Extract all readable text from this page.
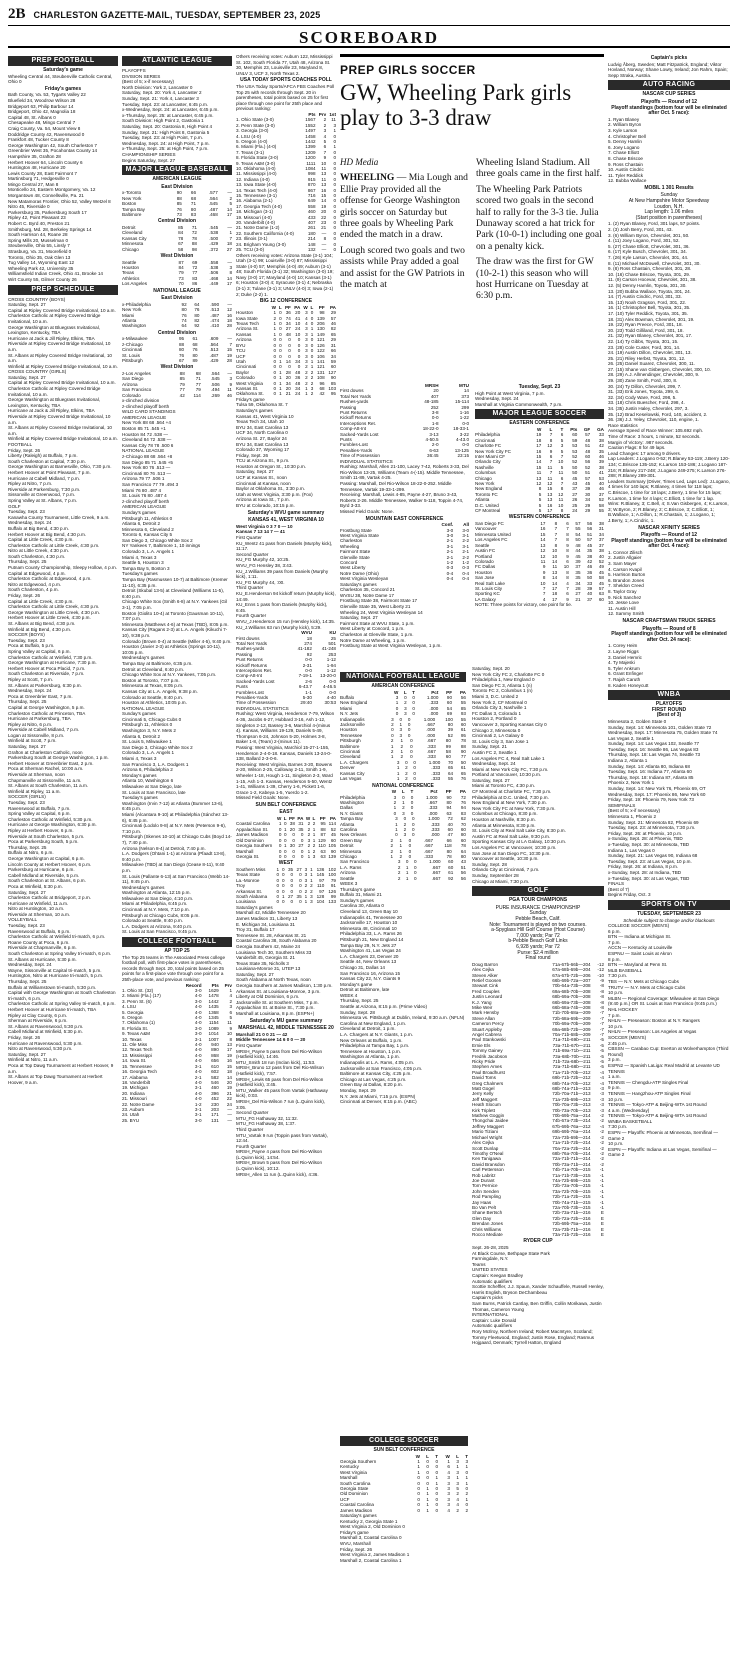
2B CHARLESTON GAZETTE-MAIL, TUESDAY, SEPTEMBER 23, 2025
SCOREBOARD
PREP FOOTBALL
Saturday's game
Wheeling Central 44, Steubenville Catholic Central, Ohio 0
Friday's games
Bath County, Va. 53, Tygarts Valley 22
Bluefield 34, Woodrow Wilson 28
Bridgeport 63, Philip Barbour 14
Bridgeport, Ohio 42, Magnolia 18
Capital 48, St. Albans 0
Chesapeake 48, Mingo Central 7
Craig County, Va. 54, Mount View 8
Doddridge County 42, Ravenswood 0
Frankfort 48, Tucker County 8
George Washington 42, South Charleston 7
Greenbrier West 35, Pocahontas County 14
Hampshire 35, Grafton 28
Herbert Hoover 64, Lincoln County 6
Huntington 48, Hurricane 20
Lewis County 28, East Fairmont 7
Martinsburg 71, Hedgesville 0
Mingo Central 27, Man 8
Monticello 24, Eastern Montgomery, Va. 12
Morgantown 48, Connellsville, Pa. 21
New Matamoras Frontier, Ohio 52, Valley Wetzel 8
Nitro 45, Riverside 0
Parkersburg 35, Parkersburg South 17
Ripley 42, Point Pleasant 23
Robert C. Byrd 40, Preston 21
Smithsburg, Md. 28, Berkeley Springs 14
South Harrison 44, Roane 28
Spring Mills 20, Musselman 0
Steubenville, Ohio 55, Linsly 7
Strasburg, Va. 31, Moorefield 0
Toronto, Ohio 35, Oak Glen 13
Tug Valley 14, Wyoming East 12
Wheeling Park 42, University 35
Williamsfield Indian Creek, Ohio 41, Brooke 14
Wirt County 55, Gilmer County 26
PREP SCHEDULE
CROSS COUNTRY (BOYS)
Saturday, Sept. 27
Capital at Ripley Covered Bridge Invitational, 10 a.m.
Charleston Catholic at Ripley Covered Bridge Invitational, 10 a.m.
George Washington at Bluegrass Invitational, Lexington, Kentucky, TBA
Hurricane at Jack & Jill Ripley, Elkins, TBA
Riverside at Ripley Covered Bridge Invitational, 10 a.m.
St. Albans at Ripley Covered Bridge Invitational, 10 a.m.
Winfield at Ripley Covered Bridge Invitational, 10 a.m.
CROSS COUNTRY (GIRLS)
Saturday, Sept. 27
Capital at Ripley Covered Bridge Invitational, 10 a.m.
Charleston Catholic at Ripley Covered Bridge Invitational, 10 a.m.
George Washington at Bluegrass Invitational, Lexington, Kentucky, TBA
Hurricane at Jack & Jill Ripley, Elkins, TBA
Riverside at Ripley Covered Bridge Invitational, 10 a.m.
St. Albans at Ripley Covered Bridge Invitational, 10 a.m.
Winfield at Ripley Covered Bridge Invitational, 10 a.m.
FOOTBALL
Friday, Sept. 26
Liberty (Raleigh) at Buffalo, 7 p.m.
South Charleston at Capital, 7:30 p.m.
George Washington at Barnesville, Ohio, 7:30 p.m.
Herbert Hoover at Point Pleasant, 7 p.m.
Hurricane at Cabell Midland, 7 p.m.
Ripley at Nitro, 7 p.m.
Riverside at Parkersburg, 7:30 p.m.
Sissonville at Greenwood, 7 p.m.
Spring Valley at St. Albans, 7 p.m.
GOLF
Tuesday, Sept. 23
Kanawha County Tournament, Little Creek, 9 a.m.
Wednesday, Sept. 24
Buffalo at Big Bend, 4:30 p.m.
Herbert Hoover at Big Bend, 4:30 p.m.
Capital at Little Creek, 4:30 p.m.
Charleston Catholic at Little Creek, 4:30 p.m.
Nitro at Little Creek, 4:30 p.m.
South Charleston, 4:30 p.m.
Thursday, Sept. 25
Putnam County Championship, Sleepy Hollow, 4 p.m.
Capital at Edgewood, 4 p.m.
Charleston Catholic at Edgewood, 4 p.m.
Nitro at Edgewood, 4 p.m.
South Charleston, 4 p.m.
Friday, Sept. 26
Capital at Little Creek, 4:30 p.m.
Charleston Catholic at Little Creek, 4:30 p.m.
George Washington at Little Creek, 4:30 p.m.
Herbert Hoover at Little Creek, 4:30 p.m.
St. Albans at Big Bend, 4:30 p.m.
Winfield at Big Bend, 4:30 p.m.
SOCCER (BOYS)
Tuesday, Sept. 23
Poca at Buffalo, 5 p.m.
Spring Valley at Capital, 6 p.m.
Charleston Catholic at Winfield, 7:30 p.m.
George Washington at Hurricane, 7:30 p.m.
Herbert Hoover at Poca Placid, 7 p.m.
South Charleston at Riverside, 7 p.m.
Ripley at Scott, 7 p.m.
St. Albans at Parkersburg, 6:30 p.m.
Wednesday, Sept. 24
Poca at Greenbrier East, 7 p.m.
Thursday, Sept. 25
Capital at George Washington, 5 p.m.
Charleston Catholic at Princeton, TBA
Hurricane at Parkersburg, TBA
Ripley at Nitro, 6 p.m.
Riverside at Cabell Midland, 7 p.m.
Logan at Sissonville, 8 p.m.
Winfield at Scott, 7 p.m.
Saturday, Sept. 27
Grafton at Charleston Catholic, noon
Parkersburg South at George Washington, 1 p.m.
Herbert Hoover at Greenbrier East, 2 p.m.
Poca at Sherman Rachel, 10:00 a.m.
Riverside at Sherman, noon
Chapmanville at Sissonville, 11 a.m.
St. Albans at South Charleston, 11 a.m.
Winfield at Ripley, 11 a.m.
SOCCER (GIRLS)
Tuesday, Sept. 23
Ravenswood at Buffalo, 7 p.m.
Spring Valley at Capital, 6 p.m.
Charleston Catholic at Winfield, 5:30 p.m.
Hurricane at George Washington, 6:30 p.m.
Ripley at Herbert Hoover, 6 p.m.
Riverside at South Charleston, 5 p.m.
Poca at Parkersburg South, 5 p.m.
Thursday, Sept. 25
Buffalo at Nitro, 6 p.m.
George Washington at Capital, 6 p.m.
Lincoln County at Herbert Hoover, 6 p.m.
Parkersburg at Hurricane, 6 p.m.
Cabell Midland at Riverside, 5 p.m.
South Charleston at St. Albans, 6 p.m.
Poca at Winfield, 5:30 p.m.
Saturday, Sept. 27
Charleston Catholic at Bridgeport, 2 p.m.
Hurricane at Winfield, 11 a.m.
Nitro at Huntington, 10 a.m.
Riverside at Sherman, 10 a.m.
VOLLEYBALL
Tuesday, Sept. 23
Ravenswood at Buffalo, 6 p.m.
Charleston Catholic at Winfield tri-match, 6 p.m.
Roane County at Poca, 6 p.m.
Riverside at Chapmanville, 6 p.m.
South Charleston at Spring Valley tri-match, 6 p.m.
St. Albans at Hurricane, 5:30 p.m.
Wednesday, Sept. 24
Wayne, Sissonville at Capital tri-match, 5 p.m.
Huntington, Nitro at Hurricane tri-match, 5 p.m.
Thursday, Sept. 25
Buffalo at Williamstown tri-match, 5:30 p.m.
Capital with George Washington at South Charleston tri-match, 6 p.m.
Charleston Catholic at Spring Valley tri-match, 6 p.m.
Herbert Hoover at Hurricane tri-match, TBA
Ripley at Clay County, 6 p.m.
Sherman at Riverside, 6 p.m.
St. Albans at Ravenswood, 5:30 p.m.
Cabell Midland at Winfield, 5:30 p.m.
Friday, Sept. 26
Hurricane at Ravenswood, 5:30 p.m.
Nitro at Ravenswood, 5:30 p.m.
Saturday, Sept. 27
Winfield at Nitro, 11 a.m.
Poca at Top Dawg Tournament at Herbert Hoover, 9 a.m.
St. Albans at Top Dawg Tournament at Herbert Hoover, 9 a.m.
ATLANTIC LEAGUE
PLAYOFFS
DIVISION SERIES
(Best of 5; x-if necessary)
North Division: York 2, Lancaster 0
Saturday, Sept. 20: York 4, Lancaster 2
Sunday, Sept. 21: York 4, Lancaster 3
Tuesday, Sept. 23: at Lancaster, 6:45 p.m.
x-Wednesday, Sept. 24: at Lancaster, 6:45 p.m.
x-Thursday, Sept. 25: at Lancaster, 6:45 p.m.
South Division: High Point 2, Gastonia 1
Saturday, Sept. 20: Gastonia 8, High Point 4
Sunday, Sept. 21: High Point 8, Gastonia 5
Tuesday, Sept. 23: at High Point, 7 p.m.
Wednesday, Sept. 24: at High Point, 7 p.m.
x-Thursday, Sept. 25: at High Point, 7 p.m.
CHAMPIONSHIP SERIES
Begins Saturday, Sept. 27
MAJOR LEAGUE BASEBALL
AMERICAN LEAGUE
East Division
x-Toronto	90	66	.577	—
New York	88	68	.564	2
Boston	85	71	.545	5
Tampa Bay	76	80	.487	14
Baltimore	73	83	.468	17
Central Division
Detroit	85	71	.545	—
Cleveland	84	72	.538	1
Kansas City	78	78	.500	7
Minnesota	67	88	.429	18
Chicago	58	98	.372	27
West Division
Seattle	87	69	.558	—
Houston	84	72	.538	3
Texas	79	77	.506	8
Athletics	73	83	.468	14
Los Angeles	70	86	.449	17
NATIONAL LEAGUE
East Division
x-Philadelphia	92	64	.590	—
New York	80	76	.513	12
Miami	76	80	.487	16
Atlanta	74	82	.474	18
Washington	64	92	.410	28
Central Division
x-Milwaukee	95	61	.609	—
z-Chicago	88	68	.564	7
Cincinnati	80	76	.513	15
St. Louis	76	80	.487	19
Pittsburgh	67	89	.429	28
West Division
z-Los Angeles	88	68	.564	—
San Diego	85	71	.545	3
Arizona	79	77	.506	9
San Francisco	77	79	.494	11
Colorado	42	114	.269	46
x-clinched division
z-clinched playoff berth
WILD CARD STANDINGS
AMERICAN LEAGUE
New York 88 68 .564 +4
Boston 85 71 .545 +1
Houston 84 72 .538 —
Cleveland 84 72 .538 —
Kansas City 78 78 .500 6
NATIONAL LEAGUE
z-Chicago 88 68 .564 +8
San Diego 85 71 .545 +5
New York 80 76 .513 —
Cincinnati 80 76 .513 —
Arizona 79 77 .506 1
San Francisco 77 79 .494 3
Miami 76 80 .487 4
St. Louis 76 80 .487 4
z-clinched playoff berth
AMERICAN LEAGUE
Sunday's games
Pittsburgh 11, Athletics 0
Atlanta 6, Detroit 2
Minnesota 6, Cleveland 2
Toronto 6, Kansas City 5
San Diego 3, Chicago White Sox 2
NY Yankees 7, Baltimore 1, 10 innings
Colorado 3, L.A. Angels 1
Miami 4, Texas 3
Seattle 5, Houston 3
Tampa Bay 5, Boston 3
Tuesday's games
Tampa Bay (Rasmussen 10-7) at Baltimore (Kremer 11-10), 6:35 p.m.
Detroit (Skubal 13-5) at Cleveland (Williams 11-5), 6:40 p.m.
Chicago White Sox (Smith 6-8) at N.Y. Yankees (Gil 3-1), 7:05 p.m.
Boston (Giolito 10-4) at Toronto (Gausman 10-11), 7:07 p.m.
Minnesota (Matthews 4-6) at Texas (TBD), 8:05 p.m.
Kansas City (Ragans 2-3) at L.A. Angels (Kikuchi 7-10), 9:38 p.m.
Colorado (Brown 0-4) at Seattle (Miller 4-5), 9:40 p.m.
Houston (Javier 2-3) at Athletics (Springs 10-11), 10:05 p.m.
Wednesday's games
Tampa Bay at Baltimore, 6:35 p.m.
Detroit at Cleveland, 6:40 p.m.
Chicago White Sox at N.Y. Yankees, 7:05 p.m.
Boston at Toronto, 7:07 p.m.
Minnesota at Texas, 8:05 p.m.
Kansas City at L.A. Angels, 9:38 p.m.
Colorado at Seattle, 9:40 p.m.
Houston at Athletics, 10:05 p.m.
NATIONAL LEAGUE
Sunday's games
Cincinnati 5, Chicago Cubs 0
Pittsburgh 11, Athletics 0
Washington 3, N.Y. Mets 2
Atlanta 6, Detroit 2
St. Louis 5, Milwaukee 1
San Diego 3, Chicago White Sox 2
Colorado 3, L.A. Angels 1
Miami 4, Texas 3
San Francisco 3, L.A. Dodgers 1
Arizona 6, Philadelphia 2
Monday's games
Atlanta 10, Washington 6
Milwaukee at San Diego, late
St. Louis at San Francisco, late
Tuesday's games
Washington (Irvin 7-12) at Atlanta (Bummer 13-6), 6:45 p.m.
Miami (Alcantara 9-10) at Philadelphia (Sánchez 13-6), 6:45 p.m.
Cincinnati (Lodolo 9-8) at N.Y. Mets (Peterson 9-6), 7:10 p.m.
Pittsburgh (Skenes 10-10) at Chicago Cubs (Boyd 14-7), 7:40 p.m.
Arizona (Nelson 8-4) at Detroit, 7:40 p.m.
L.A. Dodgers (Ohtani 1-1) at Arizona (Pfaadt 13-8), 9:40 p.m.
Milwaukee (TBD) at San Diego (Cease 8-11), 9:40 p.m.
St. Louis (Pallante 6-13) at San Francisco (Webb 14-11), 9:45 p.m.
Wednesday's games
Washington at Atlanta, 12:15 p.m.
Milwaukee at San Diego, 4:10 p.m.
Miami at Philadelphia, 6:45 p.m.
Cincinnati at N.Y. Mets, 7:10 p.m.
Pittsburgh at Chicago Cubs, 8:05 p.m.
Colorado at Seattle, 9:40 p.m.
L.A. Dodgers at Arizona, 9:40 p.m.
St. Louis at San Francisco, 9:45 p.m.
COLLEGE FOOTBALL
AP TOP 25
The Top 25 teams in The Associated Press college football poll, with first-place votes in parentheses, records through Sept. 20, total points based on 25 points for a first-place vote through one point for a 25th-place vote, and previous ranking:
	Record	Pts	Prv
1. Ohio St. (32)	3-0	1629	1
2. Miami (Fla.) (17)	4-0	1478	4
3. Penn St. (6)	3-0	1442	2
4. LSU	4-0	1435	3
5. Georgia	4-0	1368	6
6. Oregon	4-0	1345	5
7. Oklahoma (1)	4-0	1154	11
8. Florida St.	3-0	1089	9
9. Texas A&M	3-0	1014	10
10. Texas	3-1	1007	8
11. Ole Miss	4-0	940	13
12. Texas Tech	4-0	890	17
13. Mississippi	4-0	868	19
14. Iowa St.	4-0	656	16
15. Tennessee	3-1	610	15
16. Georgia Tech	4-0	602	18
17. Alabama	2-1	582	14
18. Vanderbilt	4-0	546	20
19. Michigan	3-1	460	19
20. Indiana	4-0	396	21
21. Missouri	4-0	452	22
22. Notre Dame	1-2	230	24
23. Auburn	3-1	203	—
24. Utah	3-1	171	—
25. BYU	3-0	131	—
Others receiving votes: Auburn 122, Mississippi St. 102, South Florida 77, Utah 48, Arizona St. 30, Memphis 23, Louisville 23, Maryland 8, UNLV 3, UCF 3, North Texas 2.
USA TODAY SPORTS COACHES POLL
The USA Today Sports/AFCA FBS Coaches Poll Top 25 with records through Sept. 20 in parentheses, total points based on 25 for first place through one point for 25th place and previous ranking:
	Pts	Prv	1st
1. Ohio State (3-0)	1567	2	11
2. Penn State (3-0)	1552	2	3
3. Georgia (3-0)	1497	3	1
4. LSU (4-0)	1458	4	0
5. Oregon (4-0)	1442	5	0
6. Miami (Fla.) (4-0)	1399	6	1
7. Texas (3-1)	1209	7	0
8. Florida State (3-0)	1200	9	0
9. Texas A&M (3-0)	1111	10	0
10. Oklahoma (4-0)	1084	11	0
11. Mississippi (4-0)	998	13	0
12. Indiana (4-0)	915	11	0
13. Iowa State (4-0)	870	13	0
14. Texas Tech (4-0)	867	16	0
15. Tennessee (3-1)	716	15	0
16. Alabama (2-1)	649	14	0
17. Georgia Tech (4-0)	558	19	0
18. Michigan (3-1)	460	20	0
19. Missouri (4-0)	433	22	0
20. Vanderbilt (4-0)	407	23	0
21. Notre Dame (1-2)	261	21	0
22. Southern California (4-0)	180	—	0
23. Illinois (3-1)	214	8	0
24. Brigham Young (3-0)	148	—	0
25. TCU (3-0)	132	—	0
Others receiving votes: Arizona State (3-1) 104; Utah (3-1) 99; Louisville (3-0) 87; Mississippi State (4-0) 57; Memphis (4-0) 49; Auburn (3-1) 48; South Florida (3-1) 32; Washington (3-0) 19; Navy (3-0) 17; Maryland (4-0) 10; Kansas (3-1) 6; Houston (3-0) 4; Syracuse (3-1) 4; Nebraska (3-1) 3; Tulane (3-1) 3; UNLV (4-0) 3; Iowa (2-1) 2; Duke (2-2) 1.
BIG 12 CONFERENCE
	W	L	PF	PA	W	L	PF	PA
Houston	1	0	36	20	3	0	98	29
Iowa State	2	0	74	41	4	0	139	57
Texas Tech	1	0	34	10	4	0	206	46
Arizona St.	1	0	27	24	3	1	130	82
Kansas	1	0	48	10	3	1	149	65
Arizona	0	0	0	0	3	0	121	29
BYU	0	0	0	0	3	0	126	31
TCU	0	0	0	0	3	0	122	66
UCF	0	0	0	0	3	0	106	34
Utah	0	1	14	34	3	1	141	59
Cincinnati	0	0	0	0	2	1	121	60
Baylor	0	1	28	48	2	2	131	127
Colorado	0	1	20	36	2	2	108	90
West Virginia	0	1	34	48	2	2	96	85
Kansas St.	0	1	20	34	1	3	68	103
Oklahoma St.	0	1	21	24	1	2	42	95
Friday's game
Tulsa 59, Oklahoma St. 7
Saturday's games
Kansas 41, West Virginia 10
Texas Tech 34, Utah 10
BYU 34, East Carolina 13
UCF 34, North Carolina 0
Arizona St. 27, Baylor 24
BYU 34, East Carolina 13
Colorado 37, Wyoming 17
Friday, Sept. 26
TCU at Arizona St., 9 p.m.
Houston at Oregon St., 10:30 p.m.
Saturday, Sept. 27
UCF at Kansas St., noon
Cincinnati at Kansas, noon
Baylor at Oklahoma St., 3:30 p.m.
Utah at West Virginia, 3:30 p.m. (Fox)
Arizona at Iowa St., 7 p.m.
BYU at Colorado, 10:15 p.m.
Saturday's WVU game summary
KANSAS 41, WEST VIRGINIA 10
West Virginia 0 3 7 0 — 10
Kansas 7 13 14 7 — 41
First Quarter
KU_Wentz 41 pass from Daniels (Murphy kick), 11:17.
Second Quarter
KU_FG Murphy 42, 10:25.
WVU_FG Hensley 38, 3:43.
KU_J.Williams 39 pass from Daniels (Murphy kick), 1:11.
KU_FG Murphy 44, :00.
Third Quarter
KU_E.Henderson 94 kickoff return (Murphy kick), 14:49.
KU_Enns 1 pass from Daniels (Murphy kick), 6:45.
Fourth Quarter
WVU_J.Henderson 15 run (Hensley kick), 14:35.
KU_J.Williams 63 run (Murphy kick), 5:29.
	WVU	KU
First downs	18	25
Total Net Yards	274	501
Rushes-yards	41-182	41-248
Passing	92	253
Punt Returns	0-0	1-12
Kickoff Returns	2-31	1-94
Interceptions Ret.	0-0	1-12
Comp-Att-Int	7-19-1	13-20-0
Sacked-Yards Lost	2-6	0-0
Punts	6-43.7	4-46.5
Fumbles-Lost	1-1	0-0
Penalties-Yards	5-30	4-40
Time of Possession	29:40	30:53
INDIVIDUAL STATISTICS
Rushing: West Virginia, Henderson 7-79, Wilson 4-36, Jacobs 6-27, Hubbard 3-16, Ash 1-12, Singleton 2-12, Bassey 3-6, Marchiol 4-(minus 4). Kansas, Williams 19-129, Daniels 5-49, Thompson 6-24, Johnson 5-20, Holmes 3-8, Baker 1-8, (Team) 2-(minus 11).
Passing: West Virginia, Marchiol 15-27-1-155, Henderson 2-4-0-18. Kansas, Daniels 13-24-0-138, Ballard 2-3-0-6.
Receiving: West Virginia, Barnes 3-20, Bowens 2-20, Wilson 2-25, Calloway 2-11, Smith 1-9, Wheeler 1-18, Hough 1-11, Singleton 2-3, Ward 1-15, Ash 1-3. Kansas, Henderson 5-50, Wentz 1-41, Williams 1-39, Cherry 1-6, Pickett 1-6, Grace 1-2, Kabeya 1-5, Yuerdo 1-2.
Missed Field Goals: None.
SUN BELT CONFERENCE
EAST
	W	L	PF	PA	W	L	PF	PA
Coastal Carolina	1	0	38	31	2	2	95	114
Appalachian St.	0	1	20	35	2	1	88	52
James Madison	0	0	0	0	2	1	87	45
Old Dominion	0	0	0	0	3	1	129	60
Georgia Southern	0	1	30	27	2	2	110	105
Marshall	0	0	0	0	1	2	63	90
Georgia St.	0	0	0	0	1	3	63	139
WEST
Southern Miss	1	0	35	27	3	1	136	102
Texas State	0	0	0	0	3	1	145	100
La.-Monroe	0	0	0	0	3	1	97	79
Troy	0	0	0	0	2	2	110	91
Arkansas St.	0	0	0	0	2	2	97	126
South Alabama	0	1	27	35	1	3	128	99
Louisiana	0	0	0	0	1	3	104	133
Saturday's games
Marshall 42, Middle Tennessee 20
James Madison 31, Liberty 13
E. Michigan 34, Louisiana 31
Troy 31, Buffalo 17
Tennessee St. 28, Arkansas St. 21
Coastal Carolina 38, South Alabama 20
Georgia Southern 42, Maine 24
Louisiana Tech 30, Southern Miss 33
Vanderbilt 45, Georgia St. 21
Texas State 35, Nicholls 3
Louisiana-Monroe 31, UTEP 13
Saturday, Sept. 27
South Alabama at North Texas, noon
Georgia Southern at James Madison, 1:30 p.m.
Arkansas St. at Louisiana-Monroe, 3 p.m.
Liberty at Old Dominion, 6 p.m.
Jacksonville St. at Southern Miss, 7 p.m.
Appalachian St. at Boise St., 7:30 p.m.
Marshall at Louisiana, 8 p.m. (ESPN+)
Saturday's MU game summary
MARSHALL 42, MIDDLE TENNESSEE 20
Marshall 21 0 0 21 — 42
Middle Tennessee 14 6 0 0 — 20
First Quarter
MRSH_Payne 5 pass from Del Rio-Wilson (Hatfield kick), 14:46.
MTU_Smith 18 run (Inclan kick), 11:53.
MRSH_Bruno 12 pass from Del Rio-Wilson (Hatfield kick), 7:57.
MRSH_Lewis 65 pass from Del Rio-Wilson (Hatfield kick), 3:45.
MTU_Walker 45 pass from Vartak (Hathaway kick), 0:03.
MRSH_Del Rio-Wilson 7 run (L.Quinn kick), 3:05.
Second Quarter
MTU_FG Hathaway 32, 11:32.
MTU_FG Hathaway 38, 1:37.
Third Quarter
MTU_Vartak 9 run (Toppin pass from Vartak), 12:44.
Fourth Quarter
MRSH_Payne 4 pass from Del Rio-Wilson (L.Quinn kick), 14:54.
MRSH_Brown 5 pass from Del Rio-Wilson (L.Quinn kick), 10:12.
MRSH_Allen 11 run (L.Quinn kick), 4:36.
PREP GIRLS SOCCER
GW, Wheeling Park girls play to 3-3 draw
HD Media

WHEELING — Mia Lough and Ellie Pray provided all the offense for George Washington girls soccer on Saturday but three goals by Wheeling Park ended the match in a draw.

Lough scored two goals and two assists while Pray added a goal and assist for the GW Patriots in the match at

Wheeling Island Stadium. All three goals came in the first half.

The Wheeling Park Patriots scored two goals in the second half to rally for the 3-3 tie. Julia Dunaway scored a hat trick for Park (10-0-1) including one goal on a penalty kick.

The draw was the first for GW (10-2-1) this season who will host Hurricane on Tuesday at 6:30 p.m.

	MRSH	MTU
First downs	20	14
Total Net Yards	407	373
Rushes-yards	48-185	15-114
Passing	252	299
Punt Returns	3-8	1-16
Kickoff Returns	0-0	1-22
Interceptions Ret.	1-8	0-0
Comp-Att-Int	18-22-0	18-33-1
Sacked-Yards Lost	3-13	3-22
Punts	4-50.5	4-43.0
Fumbles-Lost	2-0	0-0
Penalties-Yards	6-63	13-125
Time of Possession	36:45	23:15
INDIVIDUAL STATISTICS
Rushing: Marshall, Allen 21-100, Lacey 7-42, Roberts 3-33, Del Rio-Wilson 13-25, Williams (Team 4-(-15). Middle Tennessee, Smith 11-89, Vartak 4-25.
Passing: Marshall, Del Rio-Wilson 18-22-0-252. Middle Tennessee, Vartak 19-33-1-299.
Receiving: Marshall, Lewis 4-85, Payne 4-27, Bruno 3-43, Roberts 2-26. Middle Tennessee, Walker 5-118, Toppin 4-74, Byrd 3-33.
Missed Field Goals: None.
MOUNTAIN EAST CONFERENCE
	Conf.	All
Frostburg State	3-0	3-0
West Virginia State	3-0	3-1
Charleston	2-1	2-2
Wheeling	3-1	3-1
Fairmont State	2-1	2-1
Glenville State	2-1	2-2
Concord	1-2	1-2
West Liberty	0-3	0-3
Notre Dame (Ohio)	0-4	0-4
West Virginia Wesleyan	0-4	0-4
Saturday's games
Charleston 35, Concord 21
WVSU 38, Notre Dame 17
Frostburg State 38, Fairmont State 17
Glenville State 35, West Liberty 21
Wheeling 24, West Virginia Wesleyan 14
Saturday, Sept. 27
Fairmont State at WVU State, 1 p.m.
West Liberty at Concord, 1 p.m.
Charleston at Glenville State, 1 p.m.
Notre Dame at Wheeling, 1 p.m.
Frostburg State at West Virginia Wesleyan, 1 p.m.
Tuesday, Sept. 23
High Point at West Virginia, 7 p.m.
Wednesday, Sept. 24
Marshall at Virginia Commonwealth, 7 p.m.
MAJOR LEAGUE SOCCER
EASTERN CONFERENCE
	W	L	T	Pts	GF	GA
Philadelphia	19	7	6	60	57	33
Cincinnati	18	8	5	59	48	38
Charlotte FC	17	12	3	53	51	42
New York City FC	16	9	5	53	48	35
Inter Miami CF	15	6	7	52	60	46
Orlando City	14	7	10	52	56	39
Nashville	15	11	5	50	52	38
Columbus	11	7	11	50	51	41
Chicago	13	11	6	45	57	53
New York	12	12	7	43	45	40
New England	8	15	8	37	39	46
Toronto FC	5	13	12	27	30	37
Atlanta	5	13	11	26	34	52
D.C. United	5	16	10	25	29	58
CF Montreal	5	17	8	24	29	55
WESTERN CONFERENCE
San Diego FC	17	8	6	57	56	38
Vancouver	16	7	7	55	56	31
Minnesota United	15	7	8	54	51	34
Los Angeles FC	14	7	8	50	57	37
Seattle	13	8	9	48	45	37
Austin FC	12	10	8	44	35	38
Portland	12	10	9	45	38	40
Colorado	11	14	6	39	42	52
FC Dallas	9	11	10	37	46	49
Houston	9	13	8	35	36	45
San Jose	8	14	8	35	50	58
Real Salt Lake	10	14	4	34	33	45
St. Louis City	7	17	7	28	39	57
Sporting KC	7	18	6	27	40	63
LA Galaxy	4	17	9	21	37	60
NOTE: Three points for victory, one point for tie.
NATIONAL FOOTBALL LEAGUE
AMERICAN CONFERENCE
	W	L	T	Pct	PF	PA
Buffalo	3	0	0	1.000	90	56
New England	1	2	0	.333	60	55
Miami	0	3	0	.000	54	85
N.Y. Jets	0	3	0	.000	69	93
Indianapolis	3	0	0	1.000	100	55
Jacksonville	2	1	0	.667	80	60
Houston	0	3	0	.000	39	61
Tennessee	0	3	0	.000	52	95
Pittsburgh	2	1	0	.667	80	78
Baltimore	1	2	0	.333	99	88
Cincinnati	2	1	0	.667	58	90
Cleveland	1	2	0	.333	60	77
L.A. Chargers	3	0	0	1.000	70	50
Denver	1	2	0	.333	65	61
Kansas City	1	2	0	.333	64	65
Las Vegas	1	2	0	.333	55	76
NATIONAL CONFERENCE
	W	L	T	Pct	PF	PA
Philadelphia	3	0	0	1.000	90	72
Washington	2	1	0	.667	80	76
Dallas	1	2	0	.333	94	94
N.Y. Giants	0	3	0	.000	63	83
Tampa Bay	3	0	0	1.000	72	62
Atlanta	1	2	0	.333	40	70
Carolina	1	2	0	.333	60	60
New Orleans	0	3	0	.000	47	80
Green Bay	2	1	0	.667	66	60
Detroit	2	1	0	.667	118	78
Minnesota	2	1	0	.667	80	64
Chicago	1	2	0	.333	78	80
San Francisco	3	0	0	1.000	60	43
L.A. Rams	2	1	0	.667	60	51
Arizona	2	1	0	.667	61	56
Seattle	2	1	0	.667	92	56
WEEK 3
Thursday's game
Buffalo 31, Miami 21
Sunday's games
Carolina 30, Atlanta 0
Cleveland 13, Green Bay 10
Indianapolis 41, Tennessee 20
Jacksonville 17, Houston 10
Minnesota 48, Cincinnati 10
Philadelphia 33, L.A. Rams 26
Pittsburgh 21, New England 14
Tampa Bay 29, N.Y. Jets 27
Washington 41, Las Vegas 24
L.A. Chargers 23, Denver 20
Seattle 44, New Orleans 13
Chicago 31, Dallas 14
San Francisco 16, Arizona 15
Kansas City 22, N.Y. Giants 9
Monday's game
Detroit at Baltimore, late
WEEK 4
Thursday, Sept. 25
Seattle at Arizona, 8:15 p.m. (Prime Video)
Sunday, Sept. 28
Minnesota vs. Pittsburgh at Dublin, Ireland, 9:30 a.m. (NFLN)
Carolina at New England, 1 p.m.
Cleveland at Detroit, 1 p.m.
L.A. Chargers at N.Y. Giants, 1 p.m.
New Orleans at Buffalo, 1 p.m.
Philadelphia at Tampa Bay, 1 p.m.
Tennessee at Houston, 1 p.m.
Washington at Atlanta, 1 p.m.
Indianapolis at L.A. Rams, 4:05 p.m.
Jacksonville at San Francisco, 4:05 p.m.
Baltimore at Kansas City, 4:25 p.m.
Chicago at Las Vegas, 4:25 p.m.
Green Bay at Dallas, 8:20 p.m.
Monday, Sept. 29
N.Y. Jets at Miami, 7:15 p.m. (ESPN)
Cincinnati at Denver, 8:15 p.m. (ABC)
COLLEGE SOCCER
SUN BELT CONFERENCE
	W	L	T	W	L	T
Georgia Southern	1	0	0	1	3	3
Kentucky	1	0	0	6	1	1
West Virginia	1	0	0	4	3	0
Marshall	0	0	1	3	1	1
South Carolina	0	0	1	3	3	1
Georgia State	0	1	0	3	5	0
Old Dominion	0	1	0	3	2	2
UCF	0	1	0	3	4	1
Coastal Carolina	0	1	0	3	4	0
James Madison	0	1	0	4	2	2
Saturday's games
Kentucky 2, Georgia State 1
West Virginia 2, Old Dominion 0
Friday's game
Marshall 3, Coastal Carolina 0
WVU, Marshall
Friday, Sept. 26
West Virginia 2, James Madison 1
Marshall 2, Coastal Carolina 1
Saturday, Sept. 20
New York City FC 2, Charlotte FC 0
Philadelphia 1, New England 0
San Diego FC 3, Atlanta 1 (n)
Toronto FC 2, Columbus 1 (n)
Miami 3, D.C. United 2
New York 2, CF Montreal 0
Orlando City 3, Nashville 1
FC Dallas 3, Colorado 1
Houston 2, Portland 0
Vancouver 3, Sporting Kansas City 0
Chicago 2, Minnesota 0
Cincinnati 2, LA Galaxy 0
St. Louis City 3, San Jose 1
Sunday, Sept. 21
Austin FC 2, Seattle 1
Los Angeles FC 4, Real Salt Lake 1
Wednesday, Sept. 24
Miami at New York City FC, 7:30 p.m.
Portland at Vancouver, 10:30 p.m.
Saturday, Sept. 27
Miami at Toronto FC, 4:30 p.m.
CF Montreal at Charlotte FC, 7:30 p.m.
Philadelphia at D.C. United, 7:30 p.m.
New England at New York, 7:30 p.m.
New York City FC at New York, 7:30 p.m.
Columbus at Chicago, 8:30 p.m.
Houston at Nashville, 8:30 p.m.
Atlanta at Minnesota, 8:30 p.m.
St. Louis City at Real Salt Lake City, 8:30 p.m.
Austin FC at Real Salt Lake, 9:30 p.m.
Sporting Kansas City at LA Galaxy, 10:30 p.m.
Los Angeles FC at Vancouver, 10:30 p.m.
San Jose at San Diego FC, 10:30 p.m.
Vancouver at Seattle, 10:30 p.m.
Sunday, Sept. 28
Orlando City at Cincinnati, 7 p.m.
Sunday, September 28
Chicago at Miami, 7:30 p.m.
GOLF
PGA TOUR CHAMPIONS
PURE INSURANCE CHAMPIONSHIP
Sunday
Pebble Beach, Calif.
Note: Tournament is played on two courses.
a-Spyglass Hill Golf Course (Host Course)
7,000 yards; Par 72
b-Pebble Beach Golf Links
6,928 yards; Par 72
Purse: $2.4 million
Final round
Doug Barron	71a-67b-66b—204	-12
Alex Cejka	67a-68b-69b—204	-12
Steven Alker	67a-67b-72b—206	-10
Retief Goosen	66b-69b-72a—207	-9
Stewart Cink	70b-64a-73b—208	-8
Fred Couples	69a-68b-70b—208	-8
Justin Leonard	68b-69a-70b—208	-8
K.J. Yang	66b-69a-73b—208	-8
Mike Weir	66b-68a-74b—208	-8
Mark Hensby	71b-70b-68a—209	-7
Steve Allan	72b-68a-69b—209	-7
Cameron Percy	70b-69a-70b—209	-7
Stuart Appleby	69a-68b-72b—209	-7
Angel Cabrera	70a-71b-68b—209	-7
Paul Stankowski	71a-71b-69b—211	-5
Ernie Els	73a-71b-67b—211	-5
Tommy Gainey	71b-69a-71b—211	-5
Fredrik Jacobson	73a-68b-70b—211	-5
Ricky Pride	71b-72a-68b—211	-5
Stephen Ames	72a-71b-68b—211	-5
Paul Broadhurst	71a-71b-70b—212	-4
David Toms	69b-71b-72b—212	-4
Greg Chalmers	68b-74a-70b—212	-4
Matt Gogel	68b-74a-71b—213	-3
Jerry Kelly	72b-70a-71b—213	-3
Jeff Maggert	71a-73b-69b—213	-3
Heath Slocum	70b-70a-73b—213	-3
Kirk Triplett	70b-73a-70b—213	-3
Mathew Goggin	70b-69b-75a—214	-2
Thongchai Jaidee	74b-67a-73b—214	-2
Jeffrey Maggert	67b-69b-76a—212	-4
Mario Tiziani	69b-69b-76a—214	-2
Michael Wright	72a-73b-69b—214	-2
Alex Cejka	71a-71b-72b—214	-2
Scott Dunlap	70a-72a-72b—214	-2
Timothy O'Neal	68b-76a-70b—214	-2
Ken Tanigawa	72a-71b-71b—214	-2
David Bransdon	70b-73a-71b—214	-2
Carl Pettersson	74b-71a-70b—215	-1
Rob Labritz	71a-71b-73b—215	-1
Joe Durant	74a-72b-69b—215	-1
Tom Pernice	72b-73a-70b—215	-1
John Senden	73a-72b-70b—215	-1
Rod Pampling	72b-71a-72b—215	-1
Jay Haas	70b-74a-71b—215	-1
Bo Van Pelt	72a-70b-73b—215	-1
Shane Bertsch	72b-73a-71b—216	E
Glen Day	72b-72a-72b—216	E
Brendan Jones	72b-69b-75a—216	E
Chris Williams	72a-73b-71b—216	E
Rocco Mediate	73a-71b-72b—216	E
RYDER CUP
Sept. 26-28, 2025
At Black Course, Bethpage State Park
Farmingdale, N.Y.
Teams
UNITED STATES
Captain: Keegan Bradley
Automatic qualifiers
Scottie Scheffler, J.J. Spaun, Xander Schauffele, Russell Henley, Harris English, Bryson DeChambeau
Captain's picks
Sam Burns, Patrick Cantlay, Ben Griffin, Collin Morikawa, Justin Thomas, Cameron Young
INTERNATIONAL
Captain: Luke Donald
Automatic qualifiers
Rory McIlroy, Northern Ireland; Robert MacIntyre, Scotland; Tommy Fleetwood, England; Justin Rose, England; Rasmus Hojgaard, Denmark; Tyrrell Hatton, England
Captain's picks
Ludvig Åberg, Sweden; Matt Fitzpatrick, England; Viktor Hovland, Norway; Shane Lowry, Ireland; Jon Rahm, Spain; Sepp Straka, Austria.
AUTO RACING
NASCAR CUP SERIES
Playoffs — Round of 12
Playoff standings (bottom four will be eliminated after Oct. 5 race):
1. Ryan Blaney
2. William Byron
3. Kyle Larson
4. Christopher Bell
5. Denny Hamlin
6. Joey Logano
7. Chase Elliott
8. Chase Briscoe
9. Ross Chastain
10. Austin Cindric
11. Tyler Reddick
12. Bubba Wallace
MOBIL 1 301 Results
Sunday
At New Hampshire Motor Speedway
Loudon, N.H.
Lap length: 1.06 miles
(Start position in parentheses)
1. (2) Ryan Blaney, Ford, 301 laps, 57 points.
2. (3) Josh Berry, Ford, 301, 43.
3. (6) William Byron, Chevrolet, 301, 50.
4. (11) Joey Logano, Ford, 301, 52.
5. (27) Chase Elliott, Chevrolet, 301, 36.
6. (17) Kyle Busch, Chevrolet, 301, 34.
7. (26) Kyle Larson, Chevrolet, 301, 44.
8. (11) Michael McDowell, Chevrolet, 301, 30.
9. (8) Ross Chastain, Chevrolet, 301, 28.
10. (16) Chase Briscoe, Toyota, 301, 29.
11. (9) Carson Hocevar, Chevrolet, 301, 38.
12. (5) Denny Hamlin, Toyota, 301, 30.
13. (20) Bubba Wallace, Toyota, 301, 24.
14. (7) Austin Cindric, Ford, 301, 33.
15. (13) Noah Gragson, Ford, 301, 22.
16. (1) Christopher Bell, Toyota, 301, 35.
17. (10) Tyler Reddick, Toyota, 301, 35.
18. (31) Alex Bowman, Chevrolet, 301, 19.
19. (22) Ryan Preece, Ford, 301, 18.
20. (23) Todd Gilliland, Ford, 301, 18.
21. (32) Ryan Blaney, Chevrolet, 301, 17.
22. (14) Ty Gibbs, Toyota, 301, 15.
23. (28) Cole Custer, Ford, 301, 14.
24. (19) Austin Dillon, Chevrolet, 301, 13.
25. (21) Riley Herbst, Toyota, 301, 12.
26. (25) Daniel Suarez, Chevrolet, 300, 11.
27. (15) Shane van Gisbergen, Chevrolet, 300, 10.
28. (29) A.J. Allmendinger, Chevrolet, 300, 9.
29. (30) Zane Smith, Ford, 300, 8.
30. (24) Ty Dillon, Chevrolet, 299, 7.
31. (33) Erik Jones, Toyota, 299, 6.
32. (34) Cody Ware, Ford, 298, 5.
33. (18) Chris Buescher, Ford, 298, 4.
34. (35) Justin Haley, Chevrolet, 297, 3.
35. (12) Brad Keselowski, Ford, 140, accident, 2.
36. (36) J.J. Yeley, Chevrolet, 110, engine, 1.
Race statistics
Average Speed of Race Winner: 105.692 mph.
Time of Race: 3 hours, 1 minute, 52 seconds.
Margin of Victory: .987 seconds.
Caution Flags: 8 for 49 laps.
Lead Changes: 17 among 9 drivers.
Lap Leaders: J.Logano 0-52; R.Blaney 53-119; J.Berry 120-134; C.Briscoe 135-152; K.Larson 153-186; J.Logano 187-216; R.Blaney 217-248; J.Logano 249-275; K.Larson 276-288; R.Blaney 289-301.
Leaders Summary (Driver, Times Led, Laps Led): J.Logano, 4 times for 140 laps; R.Blaney, 4 times for 118 laps; C.Briscoe, 1 time for 18 laps; J.Berry, 1 time for 15 laps; K.Larson, 1 time for 4 laps; C.Elliott, 1 time for 1 lap.
Wins: R.Blaney, 3; C.Bell, 4; S.Van Gisbergen, 4; K.Larson, 3; W.Byron, 2; R.Blaney, 2; C.Briscoe, 3; C.Elliott, 1; B.Wallace, 1; A.Dillon, 1; R.Chastain, 1; J.Logano, 1; J.Berry, 1; A.Cindric, 1.
NASCAR XFINITY SERIES
Playoffs — Round of 12
Playoff standings (bottom four will be eliminated after Oct. 4 race):
1. Connor Zilisch
2. Justin Allgaier
3. Sam Mayer
4. Carson Kvapil
5. Harrison Burton
6. Brandon Jones
7. Sheldon Creed
8. Taylor Gray
9. Nick Sanchez
10. Jesse Love
11. Austin Hill
12. Sammy Smith
NASCAR CRAFTSMAN TRUCK SERIES
Playoffs — Round of 8
Playoff standings (bottom four will be eliminated after Oct. 24 race):
1. Corey Heim
2. Layne Riggs
3. Daniel Hemric
4. Ty Majeski
5. Tyler Ankrum
6. Grant Enfinger
7. Rajah Caruth
8. Kaden Honeycutt
WNBA
PLAYOFFS
FIRST ROUND
(Best of 3)
Minnesota 2, Golden State 0
Sunday, Sept. 14: Minnesota 101, Golden State 72
Wednesday, Sept. 17: Minnesota 75, Golden State 74
Las Vegas 2, Seattle 1
Sunday, Sept. 14: Las Vegas 102, Seattle 77
Tuesday, Sept. 16: Seattle 86, Las Vegas 83
Thursday, Sept. 18: Las Vegas 74, Seattle 73
Indiana 2, Atlanta 1
Sunday, Sept. 14: Atlanta 80, Indiana 68
Tuesday, Sept. 16: Indiana 77, Atlanta 60
Thursday, Sept. 18: Indiana 87, Atlanta 85
Phoenix 2, New York 1
Sunday, Sept. 14: New York 76, Phoenix 69, OT
Wednesday, Sept. 17: Phoenix 86, New York 60
Friday, Sept. 19: Phoenix 79, New York 73
SEMIFINALS
(Best of 5; x-if necessary)
Minnesota 1, Phoenix 2
Sunday, Sept. 21: Minnesota 82, Phoenix 69
Tuesday, Sept. 23: at Minnesota, 7:30 p.m.
Friday, Sept. 26: at Phoenix, 10 p.m.
x-Sunday, Sept. 28: at Phoenix, TBD
x-Tuesday, Sept. 30: at Minnesota, TBD
Indiana 1, Las Vegas 0
Sunday, Sept. 21: Las Vegas 90, Indiana 68
Tuesday, Sept. 23: at Las Vegas, 10 p.m.
Friday, Sept. 26: at Indiana, 8 p.m.
x-Sunday, Sept. 28: at Indiana, TBD
x-Tuesday, Sept. 30: at Las Vegas, TBD
FINALS
(Best of 7)
Begins Friday, Oct. 3
SPORTS ON TV
TUESDAY, SEPTEMBER 23
Schedule subject to change and/or blackouts
COLLEGE SOCCER (MEN'S)
6 p.m.
BTN — Indiana at Michigan St.
7 p.m.
ACCN — Kentucky at Louisville
ESPNU — Saint Louis at Akron
8 p.m.
BTN — Maryland at Penn St.
MLB BASEBALL
7:30 p.m.
TBS — N.Y. Mets at Chicago Cubs
TRUTV — N.Y. Mets at Chicago Cubs
10 p.m.
MLBN — Regional Coverage: Milwaukee at San Diego (9:40 p.m.) OR St. Louis at San Francisco (9:45 p.m.)
NHL HOCKEY
7 p.m.
NHLN — Preseason: Boston at N.Y. Rangers
10 p.m.
NHLN — Preseason: Los Angeles at Vegas
SOCCER (MEN'S)
2:45 p.m.
CBSSN — Carabao Cup: Everton at Wolverhampton (Third Round)
3 p.m.
ESPN2 — Spanish LaLiga: Real Madrid at Levante UD
TENNIS
1 a.m.
TENNIS — Chengdu-ATP Singles Final
9 p.m.
TENNIS — Hangzhou-ATP Singles Final
10 p.m.
TENNIS — Tokyo-ATP & Beijing-WTA 1st Round
4 a.m. (Wednesday)
TENNIS — Tokyo-ATP & Beijing-WTA 1st Round
WNBA BASKETBALL
7:30 p.m.
ESPN — Playoffs: Phoenix at Minnesota, Semifinal — Game 2
10 p.m.
ESPN — Playoffs: Indiana at Las Vegas, Semifinal — Game 2
